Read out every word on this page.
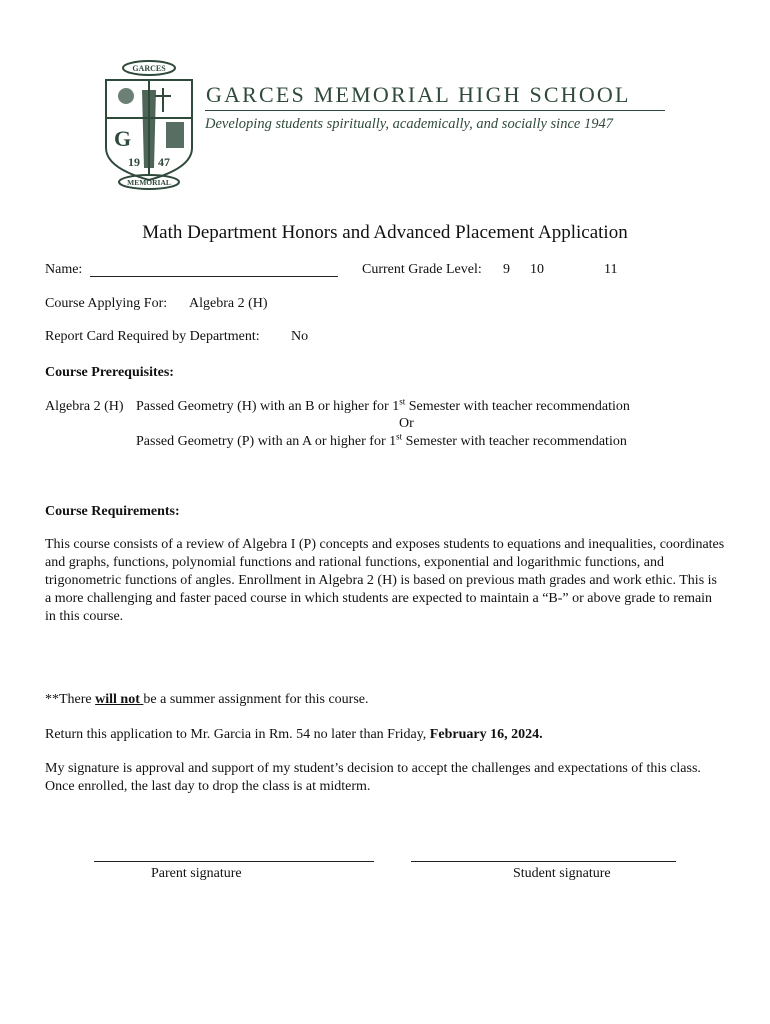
GARCES
G
19 47
MEMORIAL
GARCES MEMORIAL HIGH SCHOOL
Developing students spiritually, academically, and socially since 1947
Math Department Honors and Advanced Placement Application
Name:	Current Grade Level: 9 10	11
Course Applying For: Algebra 2 (H)
Report Card Required by Department: No
Course Prerequisites:
Algebra 2 (H) Passed Geometry (H) with an B or higher for 1st Semester with teacher recommendation
Or
Passed Geometry (P) with an A or higher for 1st Semester with teacher recommendation
Course Requirements:
This course consists of a review of Algebra I (P) concepts and exposes students to equations and inequalities, coordinates and graphs, functions, polynomial functions and rational functions, exponential and logarithmic functions, and trigonometric functions of angles. Enrollment in Algebra 2 (H) is based on previous math grades and work ethic. This is a more challenging and faster paced course in which students are expected to maintain a “B-” or above grade to remain in this course.
**There will not be a summer assignment for this course.
Return this application to Mr. Garcia in Rm. 54 no later than Friday, February 16, 2024.
My signature is approval and support of my student’s decision to accept the challenges and expectations of this class. Once enrolled, the last day to drop the class is at midterm.
Parent signature	Student signature
